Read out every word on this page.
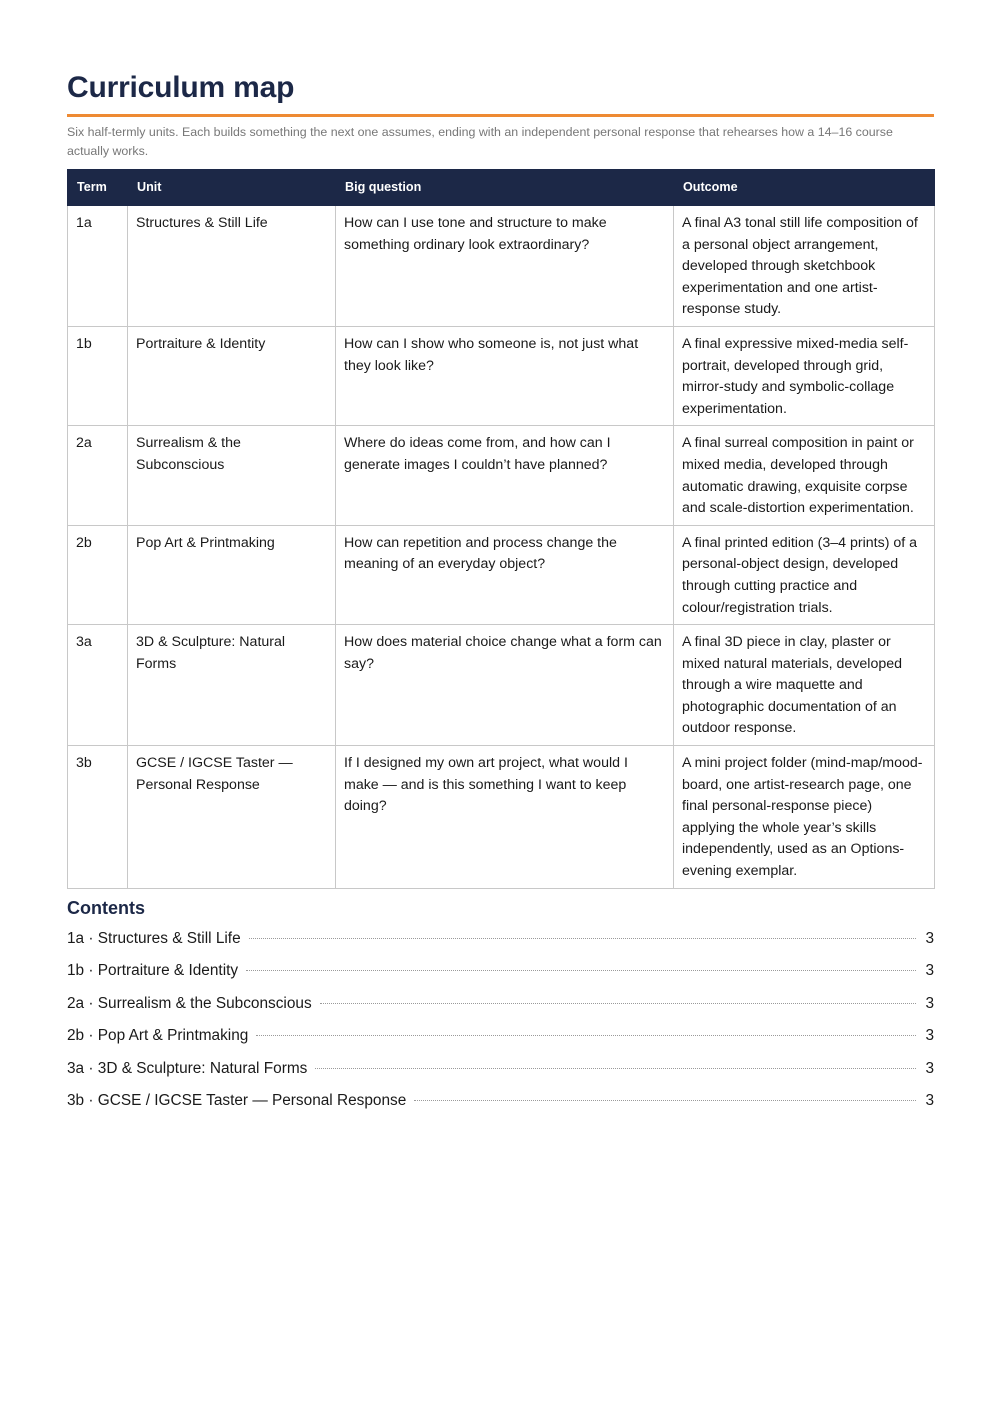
Curriculum map

Six half-termly units. Each builds something the next one assumes, ending with an independent personal response that rehearses how a 14–16 course actually works.

Term	Unit	Big question	Outcome
1a	Structures & Still Life	How can I use tone and structure to make something ordinary look extraordinary?	A final A3 tonal still life composition of a personal object arrangement, developed through sketchbook experimentation and one artist-response study.
1b	Portraiture & Identity	How can I show who someone is, not just what they look like?	A final expressive mixed-media self-portrait, developed through grid, mirror-study and symbolic-collage experimentation.
2a	Surrealism & the Subconscious	Where do ideas come from, and how can I generate images I couldn’t have planned?	A final surreal composition in paint or mixed media, developed through automatic drawing, exquisite corpse and scale-distortion experimentation.
2b	Pop Art & Printmaking	How can repetition and process change the meaning of an everyday object?	A final printed edition (3–4 prints) of a personal-object design, developed through cutting practice and colour/registration trials.
3a	3D & Sculpture: Natural Forms	How does material choice change what a form can say?	A final 3D piece in clay, plaster or mixed natural materials, developed through a wire maquette and photographic documentation of an outdoor response.
3b	GCSE / IGCSE Taster — Personal Response	If I designed my own art project, what would I make — and is this something I want to keep doing?	A mini project folder (mind-map/mood-board, one artist-research page, one final personal-response piece) applying the whole year’s skills independently, used as an Options-evening exemplar.
Contents
1a · Structures & Still Life	3
1b · Portraiture & Identity	3
2a · Surrealism & the Subconscious	3
2b · Pop Art & Printmaking	3
3a · 3D & Sculpture: Natural Forms	3
3b · GCSE / IGCSE Taster — Personal Response	3
